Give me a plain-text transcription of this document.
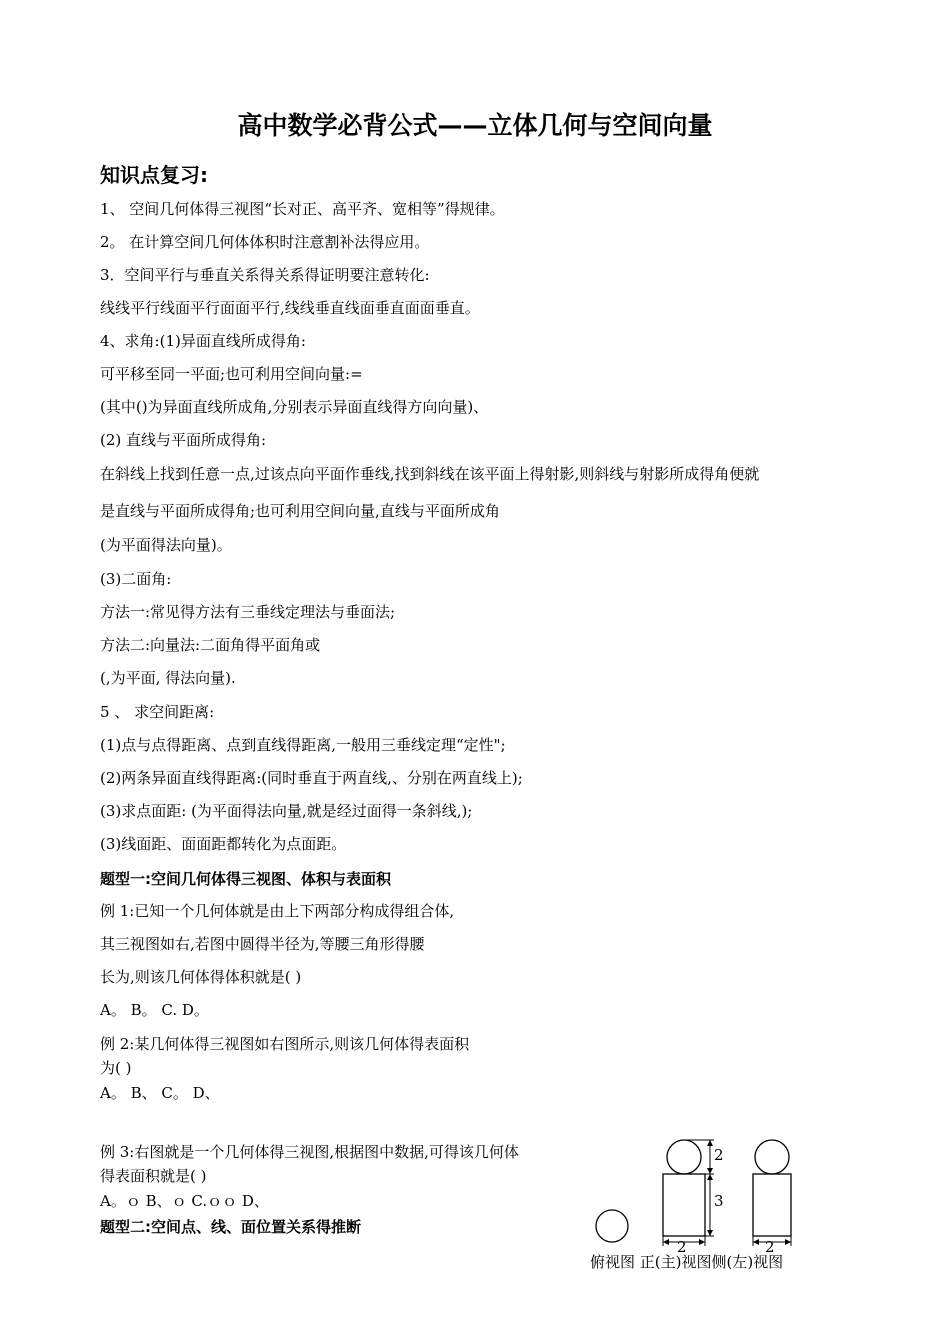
高中数学必背公式——立体几何与空间向量
知识点复习:
1、 空间几何体得三视图“长对正、高平齐、宽相等”得规律。
2。 在计算空间几何体体积时注意割补法得应用。
3．空间平行与垂直关系得关系得证明要注意转化:
线线平行线面平行面面平行,线线垂直线面垂直面面垂直。
4、求角:(1)异面直线所成得角:
可平移至同一平面;也可利用空间向量:=
(其中()为异面直线所成角,分别表示异面直线得方向向量)、
(2) 直线与平面所成得角:
在斜线上找到任意一点,过该点向平面作垂线,找到斜线在该平面上得射影,则斜线与射影所成得角便就
是直线与平面所成得角;也可利用空间向量,直线与平面所成角
(为平面得法向量)。
(3)二面角:
方法一:常见得方法有三垂线定理法与垂面法;
方法二:向量法:二面角得平面角或
(,为平面, 得法向量).
5 、 求空间距离:
(1)点与点得距离、点到直线得距离,一般用三垂线定理“定性";
(2)两条异面直线得距离:(同时垂直于两直线,、分别在两直线上);
(3)求点面距: (为平面得法向量,就是经过面得一条斜线,);
(3)线面距、面面距都转化为点面距。
题型一:空间几何体得三视图、体积与表面积
例 1:已知一个几何体就是由上下两部分构成得组合体,
其三视图如右,若图中圆得半径为,等腰三角形得腰
长为,则该几何体得体积就是( )
A。 B。 C. D。
例 2:某几何体得三视图如右图所示,则该几何体得表面积
为( )
A。 B、 C。 D、
例 3:右图就是一个几何体得三视图,根据图中数据,可得该几何体
得表面积就是( )
A。ｏ B、ｏ C.ｏｏ D、
题型二:空间点、线、面位置关系得推断
2
3
2	2
俯视图 正(主)视图侧(左)视图
